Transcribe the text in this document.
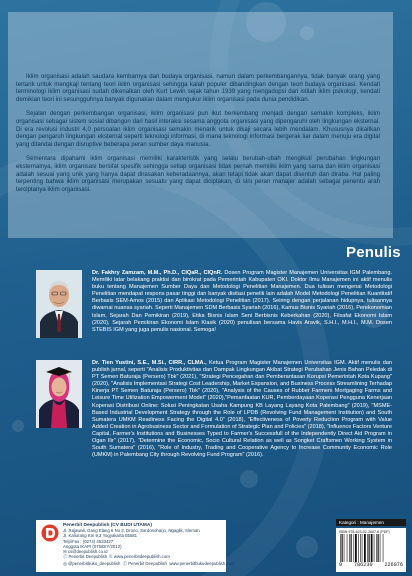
Iklim organisasi adalah saudara kembarnya dari budaya organisasi, namun dalam perkembangannya, tidak banyak orang yang tertarik untuk mengkaji tentang teori iklim organisasi sehingga kalah populer dibandingkan dengan teori budaya organisasi. Kendati terminologi iklim organisasi sudah dikenalkan oleh Kurt Lewin sejak tahun 1939 yang mengadopsi dari istilah iklim psikologi, kendati demikian teori ini sesungguhnya banyak digunakan dalam mengukur iklim organisasi pada dunia pendidikan.

Sejalan dengan perkembangan organisasi, iklim organisasi pun ikut berkembang menjadi dengan semakin kompleks, iklim organisasi sebagai sistem sosial dibangun dari hasil interaksi sesama anggota organisasi yang dipengaruhi oleh lingkungan eksternal. Di era revolusi industri 4,0 persoalan iklim organisasi semakin menarik untuk dikaji secara lebih mendalam. Khususnya dikaitkan dengan pengaruh lingkungan eksternal seperti teknologi informasi, di mana teknologi informasi bergerak liar dalam menuju era digital yang ditandai dengan disruptive beberapa peran sumber daya manusia.

Sementara dipahami iklim organisasi memiliki karakteristik yang selalu berubah-ubah mengikuti perubahan lingkungan eksternalnya, iklim organisasi bersifat spesifik sehingga setiap organisasi tidak pernah memiliki iklim yang sama dan iklim organisasi adalah sesuai yang unik yang hanya dapat dirasakan keberadaannya, akan tetapi tidak akan dapat disentuh dan diraba. Hal paling terpenting bahwa iklim organisasi merupakan sesuatu yang dapat diciptakan, di sini peran manajer adalah sebagai penentu arah terciptanya iklim organisasi.

Penulis

Dr. Fakhry Zamzam, M.M., Ph.D., CIQaR., CIQnR. Dosen Program Magister Manajemen Universitas IGM Palembang. Memiliki latar belakang praktisi dan birokrat pada Pemerintah Kabupaten OKI. Doktor Ilmu Manajemen ini aktif menulis buku tentang Manajemen Sumber Daya dan Metodologi Penelitian Manajemen. Dua tulisan mengenai Metodologi Penelitian mendapat respons pasar tinggi dan banyak disitasi peneliti lain adalah Model Metodologi Penelitian Kuantitatif Berbasis SEM-Amos (2015) dan Aplikasi Metodologi Penelitian (2017). Seiring dengan perjalanan hidupnya, tulisannya diwarnai nuansa syariah. Seperti Manajemen SDM Berbasis Syariah (2016), Kamus Bisnis Syariah (2016), Perekonomian Islam, Sejarah Dan Pemikiran (2019), Etika Bisnis Islam Seni Berbisnis Keberkahan (2020), Filsafat Ekonomi Islam (2020), Sejarah Pemikiran Ekonomi Islam Klasik (2020) penulisan bersama Havis Aravik, S.H.I., M.H.I., M.M. Dosen STEBIS IGM yang juga penulis nasional. Semoga!

Dr. Tien Yustini, S.E., M.Si., CIRR., CLMA., Ketua Program Magister Manajemen Universitas IGM. Aktif menulis dan publish jurnal, seperti "Analisis Produktivitas dan Dampak Lingkungan Akibat Strategi Perubahan Jenis Bahan Peledak di PT Semen Baturaja (Persero) Tbk" (2021), "Strategi Pencegahan dan Pemberantasan Korupsi Pemerintah Kota Kupang" (2020), "Analisis Implementasi Strategi Cost Leadership, Market Expansion, and Business Process Streamlining Terhadap Kinerja PT Semen Baturaja (Persero) Tbk" (2020), "Analysis of the Causes of Rubber Farmers Mortgaging Farms and Leisure Time Utilization Empowerment Model" (2020),"Pemanfaatan KUR, Pemberdayaan Koperasi Pengguna Kenerjaan Koperasi Distribusi Online: Solusi Peningkatan Usaha Kampung KB Layang Layang Kota Palembang" (2019), "MSME-Based Industrial Development Strategy through the Role of LPDB (Revolving Fund Management Institution) and South Sumatera UMKM Readiness Facing the Digital 4.0" (2018), "Effectiveness of Poverty Reduction Program with Value Added Creation in Agrobusiness Sector and Formulation of Strategic Plan and Policies" (2018), "Influence Factors Venture Capital, Farmer's Institutions and Businesses Typed to Farmer's Successfull of the Independently Direct Aid Program in Ogan Ilir" (2017), "Determine the Economic, Socio Cultural Relation as well as Songket Craftsmen Working System in South Sumatera" (2016), "Role of Industry, Trading and Cooperative Agency to Increase Community Economic Role (UMKM) in Palembang City through Revolving Fund Program" (2016).

Penerbit Deepublish (CV BUDI UTAMA)
Jl. Rajawali, Gang Elang 6 No 3, Drono, Sardonoharjo, Ngaglik, Sleman
Jl. Kaliurang Km 9,3 Yogyakarta 55581
Telp/Fax : (0274) 4533427
Anggota IKAPI (076/DIY/2012)
✉ cs@deepublish.co.id
ⓕ Penerbit Deepublish ⊕ www.penerbitdeepublish.com
◎ @penerbitbuku_deepublish ⓕ Penerbit Deepublish www.penerbitbukudeepublish.com
Kategori : Manajemen
ISBN 978-623-02-2607-6 (PDF)
9 786230 226076
